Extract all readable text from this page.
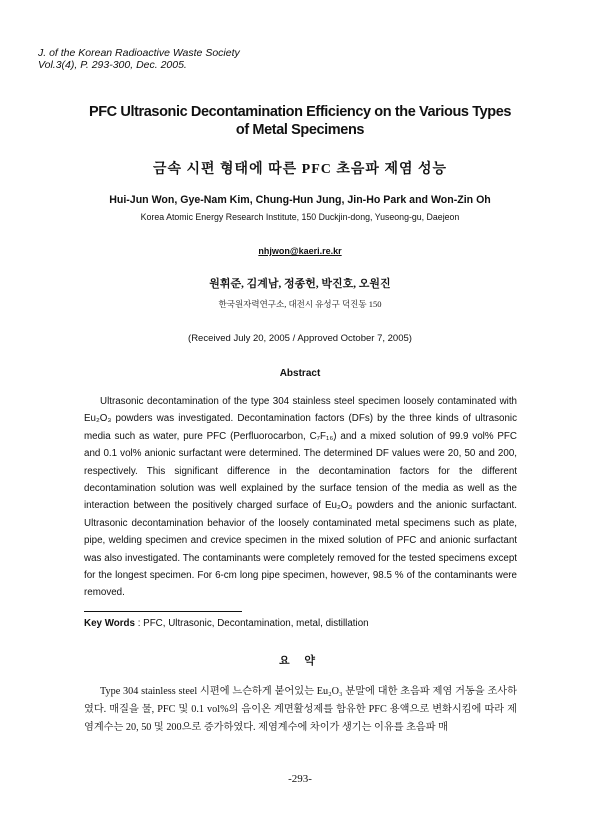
J. of the Korean Radioactive Waste Society
Vol.3(4), P. 293-300, Dec. 2005.
PFC Ultrasonic Decontamination Efficiency on the Various Types
of Metal Specimens
금속 시편 형태에 따른 PFC 초음파 제염 성능
Hui-Jun Won, Gye-Nam Kim, Chung-Hun Jung, Jin-Ho Park and Won-Zin Oh
Korea Atomic Energy Research Institute, 150 Duckjin-dong, Yuseong-gu, Daejeon
nhjwon@kaeri.re.kr
원휘준, 김계남, 정종헌, 박진호, 오원진
한국원자력연구소, 대전시 유성구 덕진동 150
(Received July 20, 2005 / Approved October 7, 2005)
Abstract
Ultrasonic decontamination of the type 304 stainless steel specimen loosely contaminated with Eu₂O₃ powders was investigated. Decontamination factors (DFs) by the three kinds of ultrasonic media such as water, pure PFC (Perfluorocarbon, C₇F₁₆) and a mixed solution of 99.9 vol% PFC and 0.1 vol% anionic surfactant were determined. The determined DF values were 20, 50 and 200, respectively. This significant difference in the decontamination factors for the different decontamination solution was well explained by the surface tension of the media as well as the interaction between the positively charged surface of Eu₂O₃ powders and the anionic surfactant. Ultrasonic decontamination behavior of the loosely contaminated metal specimens such as plate, pipe, welding specimen and crevice specimen in the mixed solution of PFC and anionic surfactant was also investigated. The contaminants were completely removed for the tested specimens except for the longest specimen. For 6-cm long pipe specimen, however, 98.5 % of the contaminants were removed.
Key Words : PFC, Ultrasonic, Decontamination, metal, distillation
요 약
Type 304 stainless steel 시편에 느슨하게 붙어있는 Eu₂O₃ 분말에 대한 초음파 제염 거동을 조사하였다. 매질을 물, PFC 및 0.1 vol%의 음이온 계면활성제를 함유한 PFC 용액으로 변화시킴에 따라 제염계수는 20, 50 및 200으로 증가하였다. 제염계수에 차이가 생기는 이유를 초음파 매
-293-
